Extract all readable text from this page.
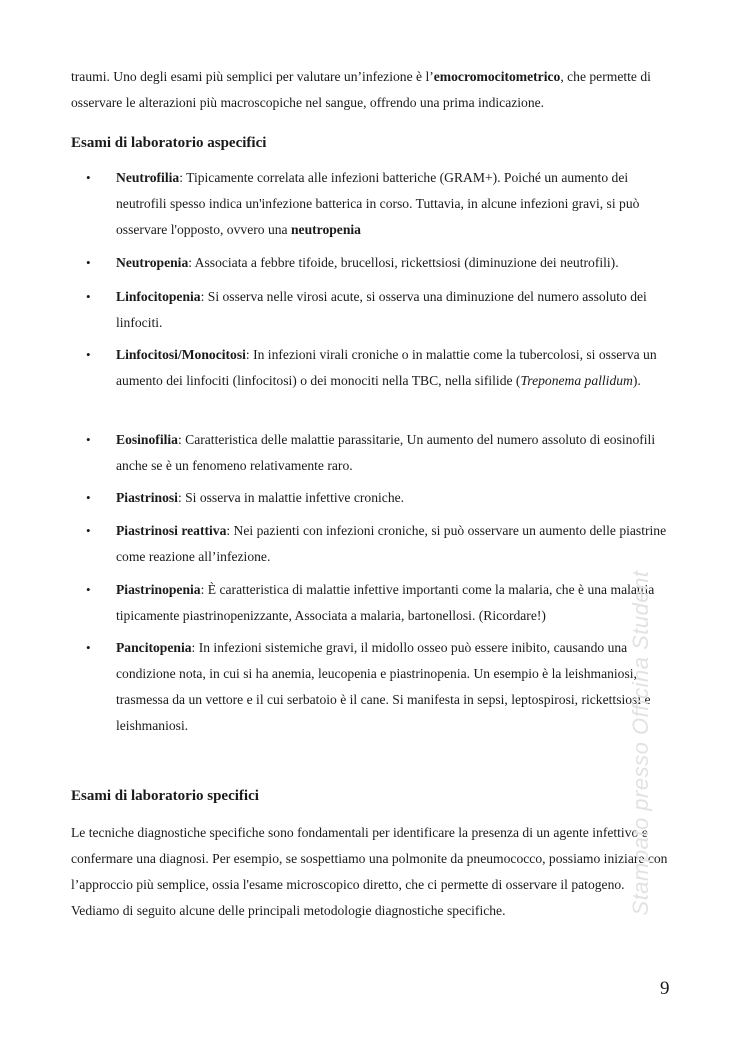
traumi. Uno degli esami più semplici per valutare un’infezione è l’emocromocitometrico, che permette di osservare le alterazioni più macroscopiche nel sangue, offrendo una prima indicazione.

Esami di laboratorio aspecifici
• Neutrofilia: Tipicamente correlata alle infezioni batteriche (GRAM+). Poiché un aumento dei neutrofili spesso indica un'infezione batterica in corso. Tuttavia, in alcune infezioni gravi, si può osservare l'opposto, ovvero una neutropenia
• Neutropenia: Associata a febbre tifoide, brucellosi, rickettsiosi (diminuzione dei neutrofili).
• Linfocitopenia: Si osserva nelle virosi acute, si osserva una diminuzione del numero assoluto dei linfociti.
• Linfocitosi/Monocitosi: In infezioni virali croniche o in malattie come la tubercolosi, si osserva un aumento dei linfociti (linfocitosi) o dei monociti nella TBC, nella sifilide (Treponema pallidum).
• Eosinofilia: Caratteristica delle malattie parassitarie, Un aumento del numero assoluto di eosinofili anche se è un fenomeno relativamente raro.
• Piastrinosi: Si osserva in malattie infettive croniche.
• Piastrinosi reattiva: Nei pazienti con infezioni croniche, si può osservare un aumento delle piastrine come reazione all’infezione.
• Piastrinopenia: È caratteristica di malattie infettive importanti come la malaria, che è una malattia tipicamente piastrinopenizzante, Associata a malaria, bartonellosi. (Ricordare!)
• Pancitopenia: In infezioni sistemiche gravi, il midollo osseo può essere inibito, causando una condizione nota, in cui si ha anemia, leucopenia e piastrinopenia. Un esempio è la leishmaniosi, trasmessa da un vettore e il cui serbatoio è il cane. Si manifesta in sepsi, leptospirosi, rickettsiosi e leishmaniosi.
Esami di laboratorio specifici

Le tecniche diagnostiche specifiche sono fondamentali per identificare la presenza di un agente infettivo e confermare una diagnosi. Per esempio, se sospettiamo una polmonite da pneumococco, possiamo iniziare con l’approccio più semplice, ossia l'esame microscopico diretto, che ci permette di osservare il patogeno. Vediamo di seguito alcune delle principali metodologie diagnostiche specifiche.	Stampato presso Officina Student
9
